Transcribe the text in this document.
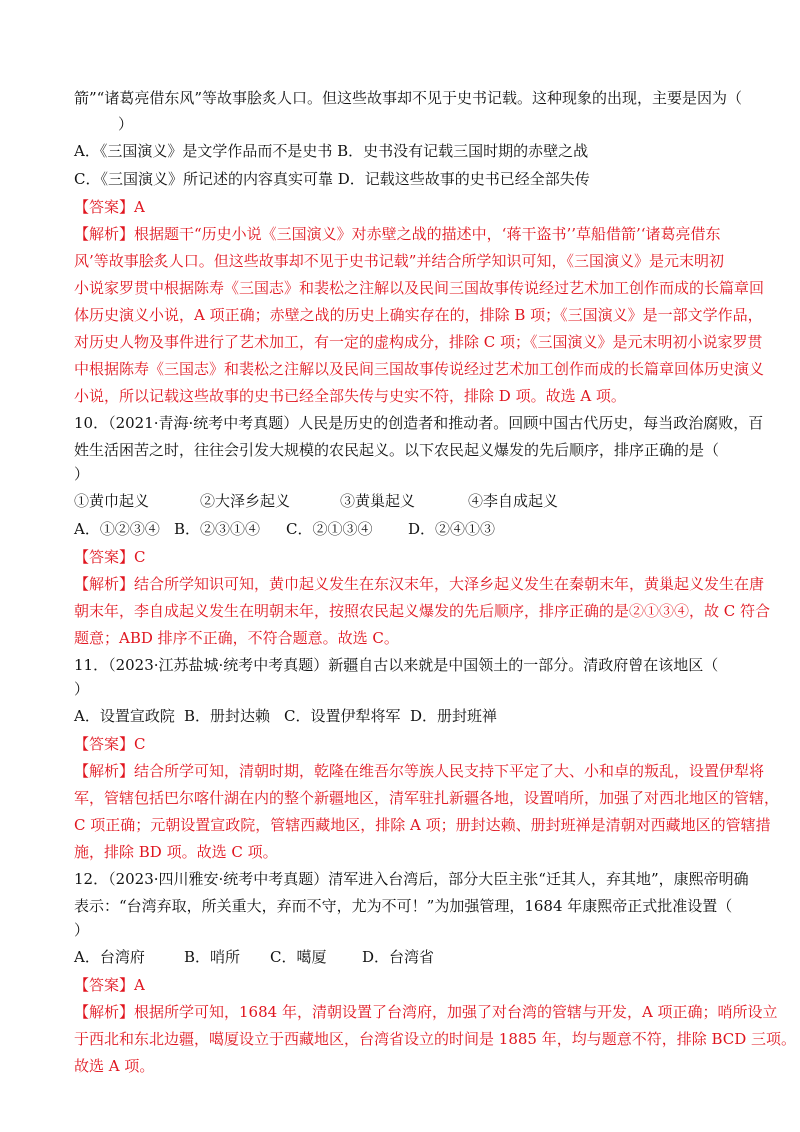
箭”“诸葛亮借东风”等故事脍炙人口。但这些故事却不见于史书记载。这种现象的出现，主要是因为（
）
A．《三国演义》是文学作品而不是史书 B．史书没有记载三国时期的赤壁之战
C．《三国演义》所记述的内容真实可靠 D．记载这些故事的史书已经全部失传
【答案】A
【解析】根据题干“历史小说《三国演义》对赤壁之战的描述中，‘蒋干盗书’’草船借箭’‘诸葛亮借东
风’等故事脍炙人口。但这些故事却不见于史书记载”并结合所学知识可知，《三国演义》是元末明初
小说家罗贯中根据陈寿《三国志》和裴松之注解以及民间三国故事传说经过艺术加工创作而成的长篇章回
体历史演义小说，A 项正确；赤壁之战的历史上确实存在的，排除 B 项；《三国演义》是一部文学作品，
对历史人物及事件进行了艺术加工，有一定的虚构成分，排除 C 项；《三国演义》是元末明初小说家罗贯
中根据陈寿《三国志》和裴松之注解以及民间三国故事传说经过艺术加工创作而成的长篇章回体历史演义
小说，所以记载这些故事的史书已经全部失传与史实不符，排除 D 项。故选 A 项。
10．（2021·青海·统考中考真题）人民是历史的创造者和推动者。回顾中国古代历史，每当政治腐败，百
姓生活困苦之时，往往会引发大规模的农民起义。以下农民起义爆发的先后顺序，排序正确的是（
）
①黄巾起义	②大泽乡起义	③黄巢起义	④李自成起义
A．①②③④ B．②③①④ C．②①③④ D．②④①③
【答案】C
【解析】结合所学知识可知，黄巾起义发生在东汉末年，大泽乡起义发生在秦朝末年，黄巢起义发生在唐
朝末年，李自成起义发生在明朝末年，按照农民起义爆发的先后顺序，排序正确的是②①③④，故 C 符合
题意；ABD 排序不正确，不符合题意。故选 C。
11．（2023·江苏盐城·统考中考真题）新疆自古以来就是中国领土的一部分。清政府曾在该地区（
）
A．设置宣政院 B．册封达赖 C．设置伊犁将军 D．册封班禅
【答案】C
【解析】结合所学可知，清朝时期，乾隆在维吾尔等族人民支持下平定了大、小和卓的叛乱，设置伊犁将
军，管辖包括巴尔喀什湖在内的整个新疆地区，清军驻扎新疆各地，设置哨所，加强了对西北地区的管辖，
C 项正确；元朝设置宣政院，管辖西藏地区，排除 A 项；册封达赖、册封班禅是清朝对西藏地区的管辖措
施，排除 BD 项。故选 C 项。
12．（2023·四川雅安·统考中考真题）清军进入台湾后，部分大臣主张“迁其人，弃其地”，康熙帝明确
表示：“台湾弃取，所关重大，弃而不守，尤为不可！”为加强管理，1684 年康熙帝正式批准设置（
）
A．台湾府	B．哨所 C．噶厦 D．台湾省
【答案】A
【解析】根据所学可知，1684 年，清朝设置了台湾府，加强了对台湾的管辖与开发，A 项正确；哨所设立
于西北和东北边疆，噶厦设立于西藏地区，台湾省设立的时间是 1885 年，均与题意不符，排除 BCD 三项。
故选 A 项。
